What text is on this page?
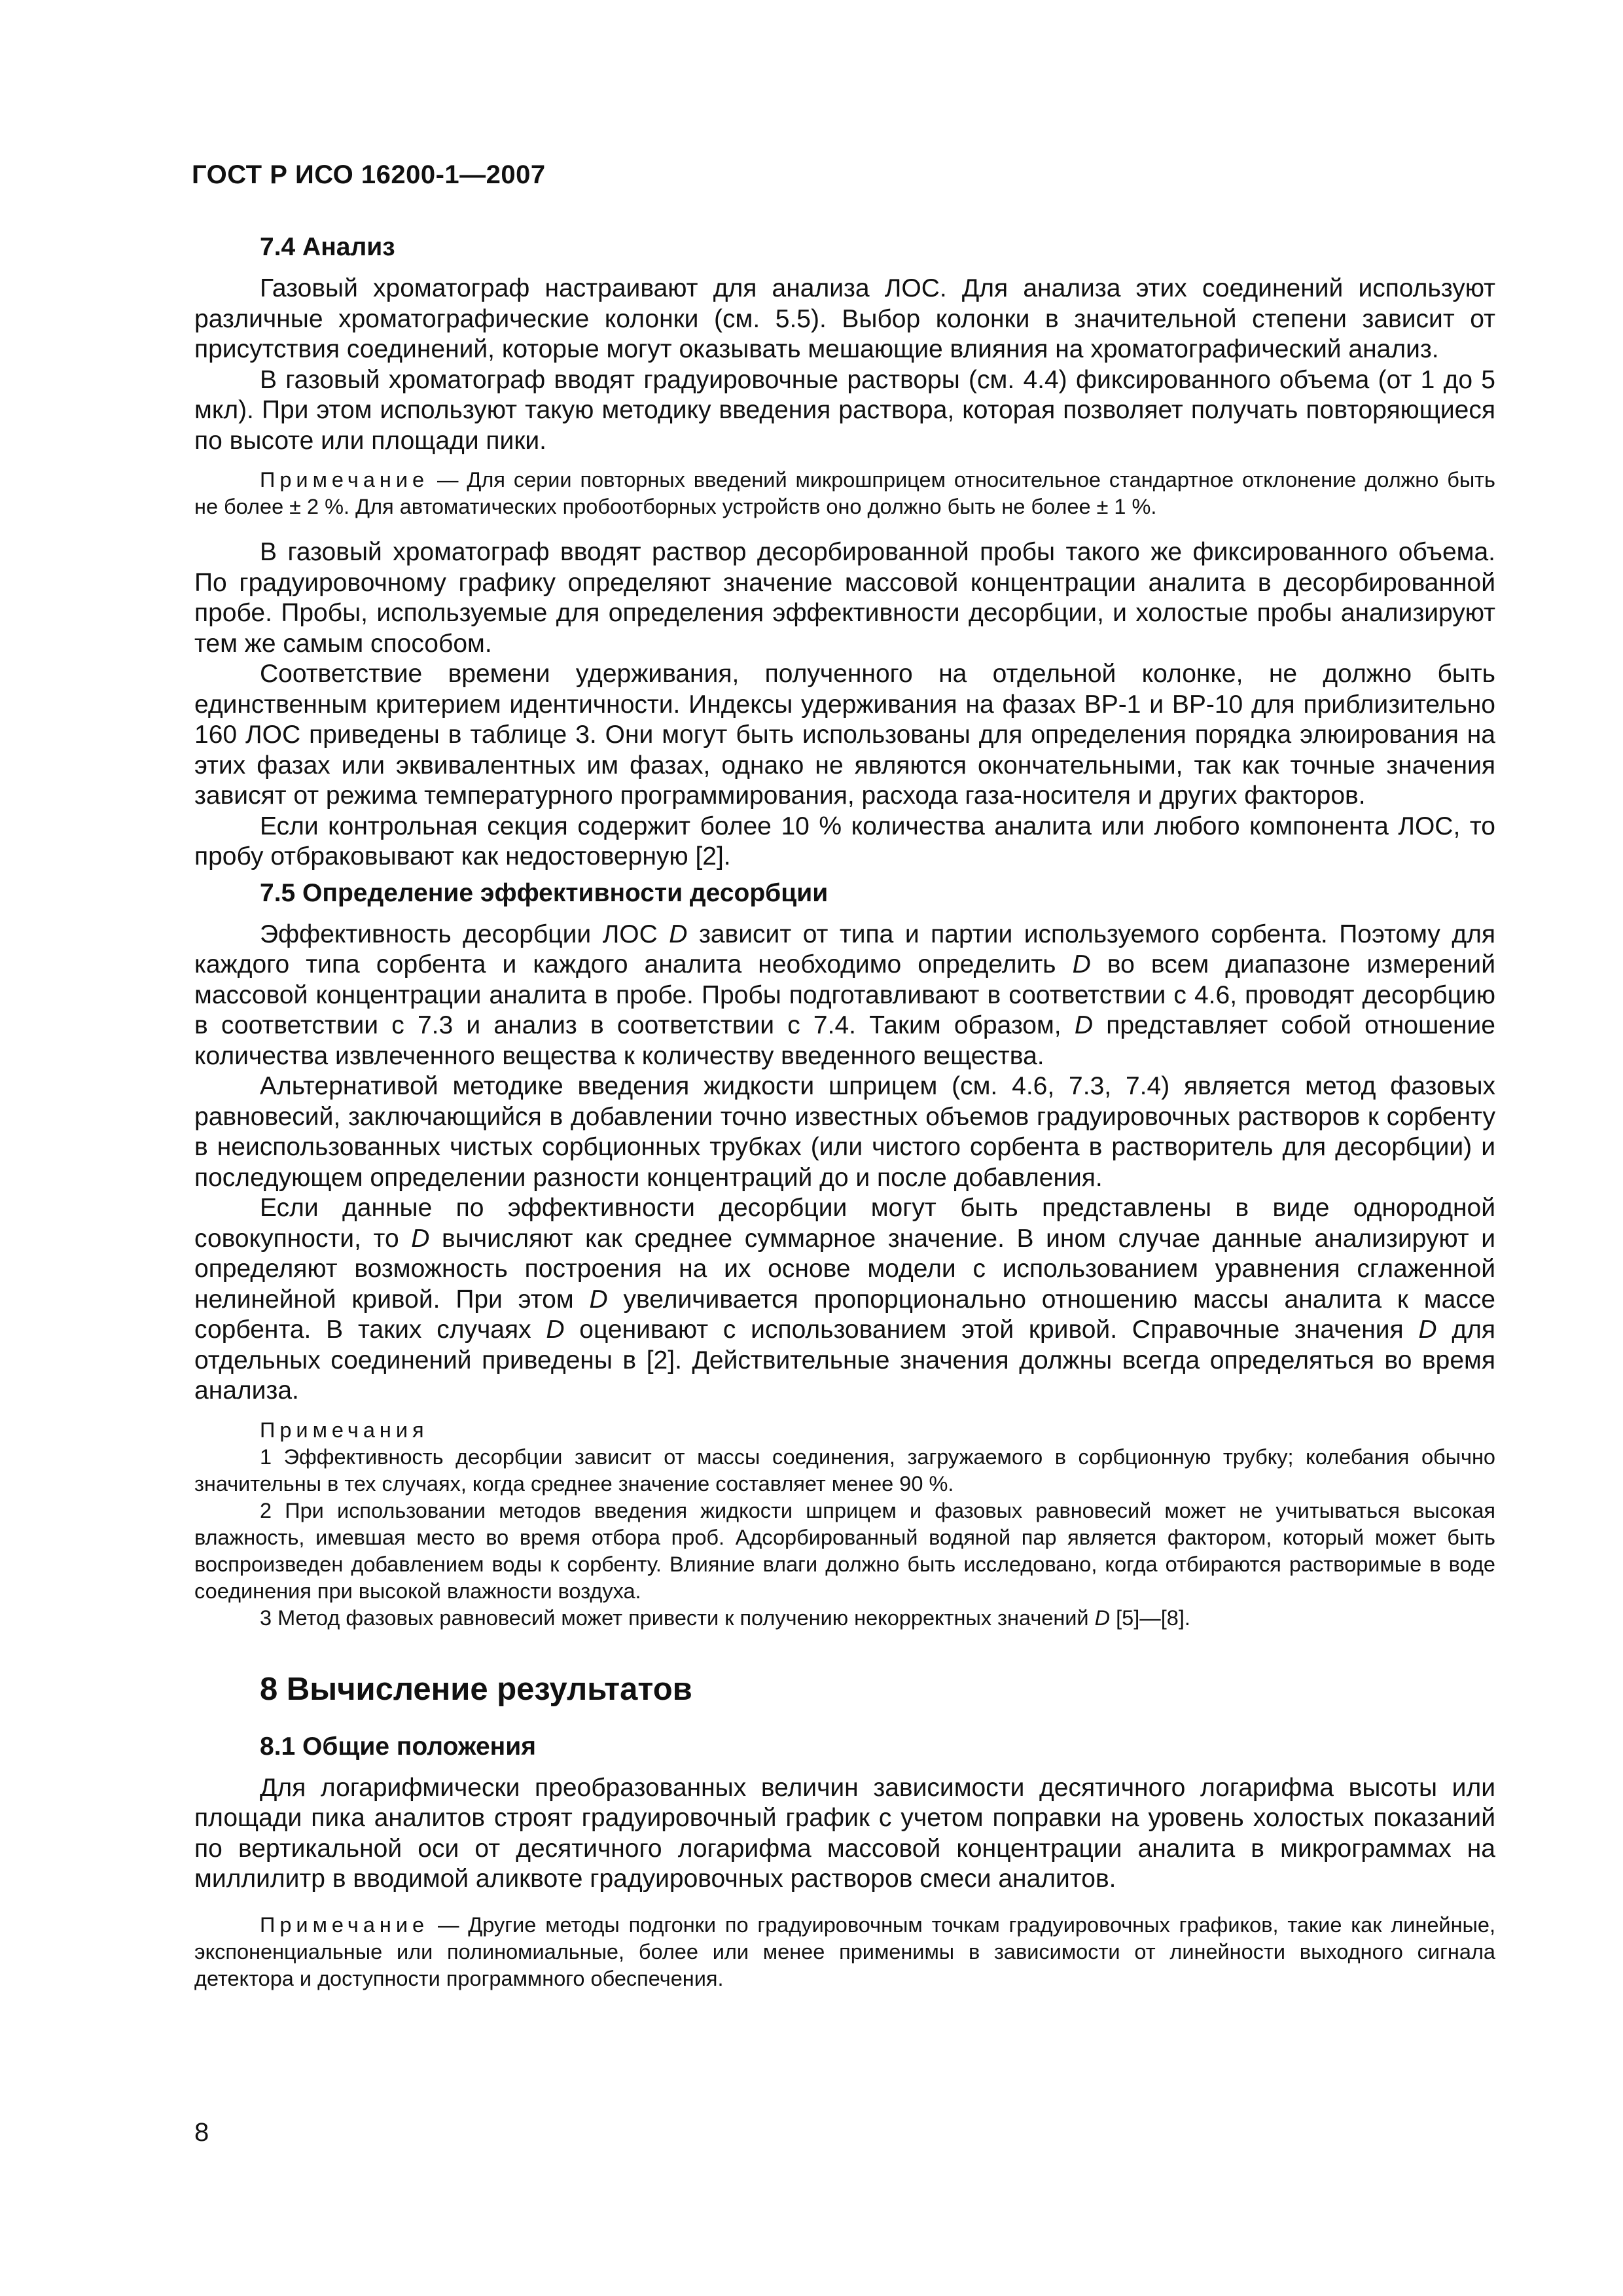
ГОСТ Р ИСО 16200-1—2007
7.4 Анализ

Газовый хроматограф настраивают для анализа ЛОС. Для анализа этих соединений используют различные хроматографические колонки (см. 5.5). Выбор колонки в значительной степени зависит от присутствия соединений, которые могут оказывать мешающие влияния на хроматографический анализ.

В газовый хроматограф вводят градуировочные растворы (см. 4.4) фиксированного объема (от 1 до 5 мкл). При этом используют такую методику введения раствора, которая позволяет получать повторяющиеся по высоте или площади пики.

Примечание — Для серии повторных введений микрошприцем относительное стандартное отклонение должно быть не более ± 2 %. Для автоматических пробоотборных устройств оно должно быть не более ± 1 %.

В газовый хроматограф вводят раствор десорбированной пробы такого же фиксированного объема. По градуировочному графику определяют значение массовой концентрации аналита в десорбированной пробе. Пробы, используемые для определения эффективности десорбции, и холостые пробы анализируют тем же самым способом.

Соответствие времени удерживания, полученного на отдельной колонке, не должно быть единственным критерием идентичности. Индексы удерживания на фазах ВР-1 и ВР-10 для приблизительно 160 ЛОС приведены в таблице 3. Они могут быть использованы для определения порядка элюирования на этих фазах или эквивалентных им фазах, однако не являются окончательными, так как точные значения зависят от режима температурного программирования, расхода газа-носителя и других факторов.

Если контрольная секция содержит более 10 % количества аналита или любого компонента ЛОС, то пробу отбраковывают как недостоверную [2].

7.5 Определение эффективности десорбции

Эффективность десорбции ЛОС D зависит от типа и партии используемого сорбента. Поэтому для каждого типа сорбента и каждого аналита необходимо определить D во всем диапазоне измерений массовой концентрации аналита в пробе. Пробы подготавливают в соответствии с 4.6, проводят десорбцию в соответствии с 7.3 и анализ в соответствии с 7.4. Таким образом, D представляет собой отношение количества извлеченного вещества к количеству введенного вещества.

Альтернативой методике введения жидкости шприцем (см. 4.6, 7.3, 7.4) является метод фазовых равновесий, заключающийся в добавлении точно известных объемов градуировочных растворов к сорбенту в неиспользованных чистых сорбционных трубках (или чистого сорбента в растворитель для десорбции) и последующем определении разности концентраций до и после добавления.

Если данные по эффективности десорбции могут быть представлены в виде однородной совокупности, то D вычисляют как среднее суммарное значение. В ином случае данные анализируют и определяют возможность построения на их основе модели с использованием уравнения сглаженной нелинейной кривой. При этом D увеличивается пропорционально отношению массы аналита к массе сорбента. В таких случаях D оценивают с использованием этой кривой. Справочные значения D для отдельных соединений приведены в [2]. Действительные значения должны всегда определяться во время анализа.

Примечания

1 Эффективность десорбции зависит от массы соединения, загружаемого в сорбционную трубку; колебания обычно значительны в тех случаях, когда среднее значение составляет менее 90 %.

2 При использовании методов введения жидкости шприцем и фазовых равновесий может не учитываться высокая влажность, имевшая место во время отбора проб. Адсорбированный водяной пар является фактором, который может быть воспроизведен добавлением воды к сорбенту. Влияние влаги должно быть исследовано, когда отбираются растворимые в воде соединения при высокой влажности воздуха.

3 Метод фазовых равновесий может привести к получению некорректных значений D [5]—[8].

8 Вычисление результатов
8.1 Общие положения

Для логарифмически преобразованных величин зависимости десятичного логарифма высоты или площади пика аналитов строят градуировочный график с учетом поправки на уровень холостых показаний по вертикальной оси от десятичного логарифма массовой концентрации аналита в микрограммах на миллилитр в вводимой аликвоте градуировочных растворов смеси аналитов.

Примечание — Другие методы подгонки по градуировочным точкам градуировочных графиков, такие как линейные, экспоненциальные или полиномиальные, более или менее применимы в зависимости от линейности выходного сигнала детектора и доступности программного обеспечения.

8
